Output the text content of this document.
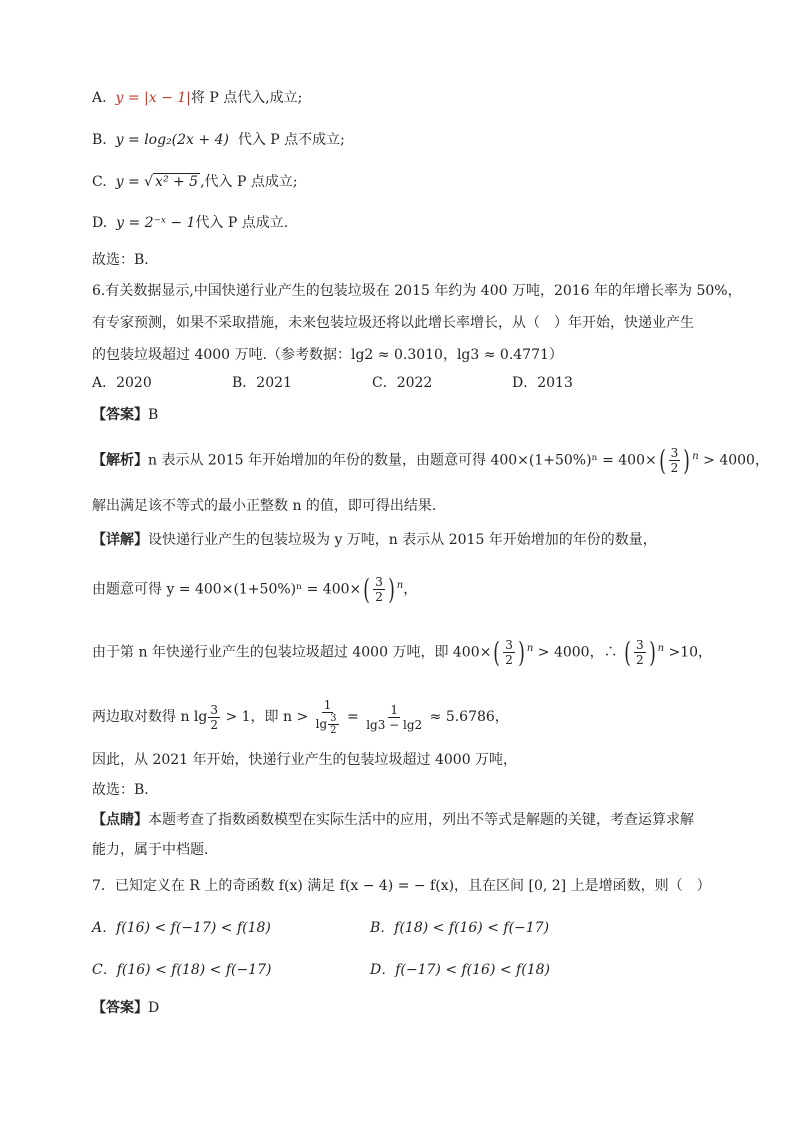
A. y = |x − 1|将 P 点代入,成立;
B. y = log₂(2x + 4) 代入 P 点不成立;
C. y = √ x² + 5 ,代入 P 点成立;
D. y = 2⁻ˣ − 1代入 P 点成立.
故选：B．
6.有关数据显示,中国快递行业产生的包装垃圾在 2015 年约为 400 万吨，2016 年的年增长率为 50%，
有专家预测，如果不采取措施，未来包装垃圾还将以此增长率增长，从（　）年开始，快递业产生
的包装垃圾超过 4000 万吨.（参考数据：lg2 ≈ 0.3010，lg3 ≈ 0.4771）
A．2020	B．2021	C．2022	D．2013
【答案】B
【解析】n 表示从 2015 年开始增加的年份的数量，由题意可得 $400\times(1+50\%)^n = 400\times( \frac{3}{2}$ ) $^n$ > 4000，
解出满足该不等式的最小正整数 n 的值，即可得出结果.
【详解】设快递行业产生的包装垃圾为 y 万吨，n 表示从 2015 年开始增加的年份的数量，
由题意可得 $y = 400\times(1+50\%)^n = 400\times( \frac{3}{2}$ ) $^n$，
由于第 n 年快递行业产生的包装垃圾超过 4000 万吨，即 $400\times( \frac{3}{2}$ ) $^n$ > 4000，∴ ( $\frac{3}{2}$ ) $^n$ >10，
两边取对数得 n $\lg \frac{3}{2} > 1$，即 $n > \frac{1}{\lg \frac{3}{2}} = \frac{1}{\lg 3 - \lg 2} \approx 5.6786$，
因此，从 2021 年开始，快递行业产生的包装垃圾超过 4000 万吨，
故选：B．
【点睛】本题考查了指数函数模型在实际生活中的应用，列出不等式是解题的关键，考查运算求解
能力，属于中档题．
7．已知定义在 R 上的奇函数 f(x) 满足 f(x − 4) = − f(x)，且在区间 [0, 2] 上是增函数，则（　）
A．f(16) < f(−17) < f(18)	B．f(18) < f(16) < f(−17)
C．f(16) < f(18) < f(−17)	D．f(−17) < f(16) < f(18)
【答案】D
